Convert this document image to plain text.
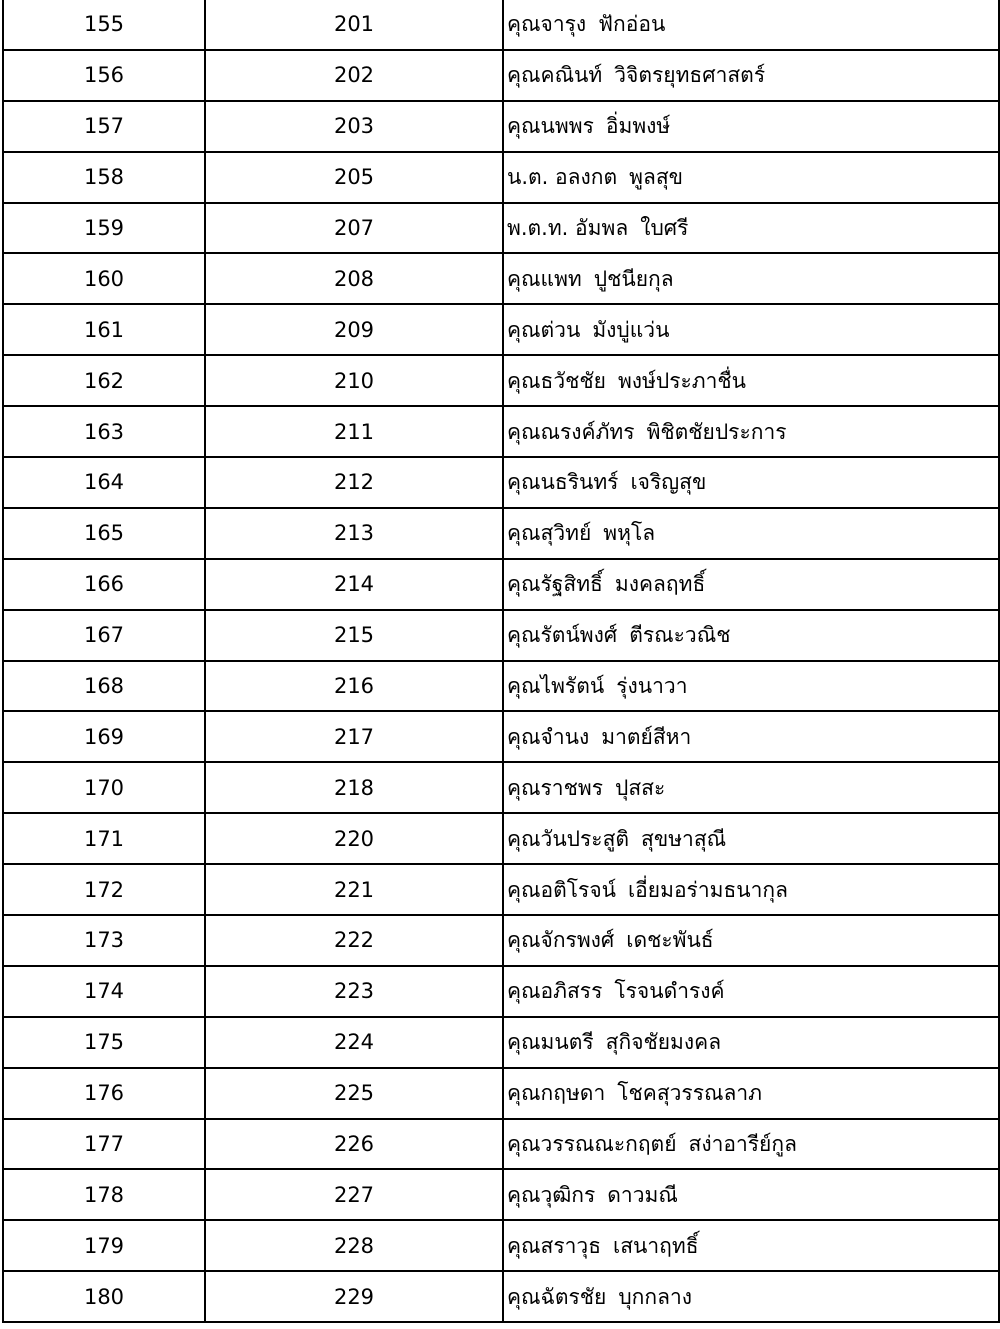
155	201	คุณจารุง ฟักอ่อน
156	202	คุณคณินท์ วิจิตรยุทธศาสตร์
157	203	คุณนพพร อิ่มพงษ์
158	205	น.ต. อลงกต พูลสุข
159	207	พ.ต.ท. อัมพล ใบศรี
160	208	คุณแพท ปูชนียกุล
161	209	คุณต่วน มังบู่แว่น
162	210	คุณธวัชชัย พงษ์ประภาชื่น
163	211	คุณณรงค์ภัทร พิชิตชัยประการ
164	212	คุณนธรินทร์ เจริญสุข
165	213	คุณสุวิทย์ พหุโล
166	214	คุณรัฐสิทธิ์ มงคลฤทธิ์
167	215	คุณรัตน์พงศ์ ตีรณะวณิช
168	216	คุณไพรัตน์ รุ่งนาวา
169	217	คุณจำนง มาตย์สีหา
170	218	คุณราชพร ปุสสะ
171	220	คุณวันประสูติ สุขษาสุณี
172	221	คุณอติโรจน์ เอี่ยมอร่ามธนากุล
173	222	คุณจักรพงศ์ เดชะพันธ์
174	223	คุณอภิสรร โรจนดำรงค์
175	224	คุณมนตรี สุกิจชัยมงคล
176	225	คุณกฤษดา โชคสุวรรณลาภ
177	226	คุณวรรณณะกฤตย์ สง่าอารีย์กูล
178	227	คุณวุฒิกร ดาวมณี
179	228	คุณสราวุธ เสนาฤทธิ์
180	229	คุณฉัตรชัย บุกกลาง
